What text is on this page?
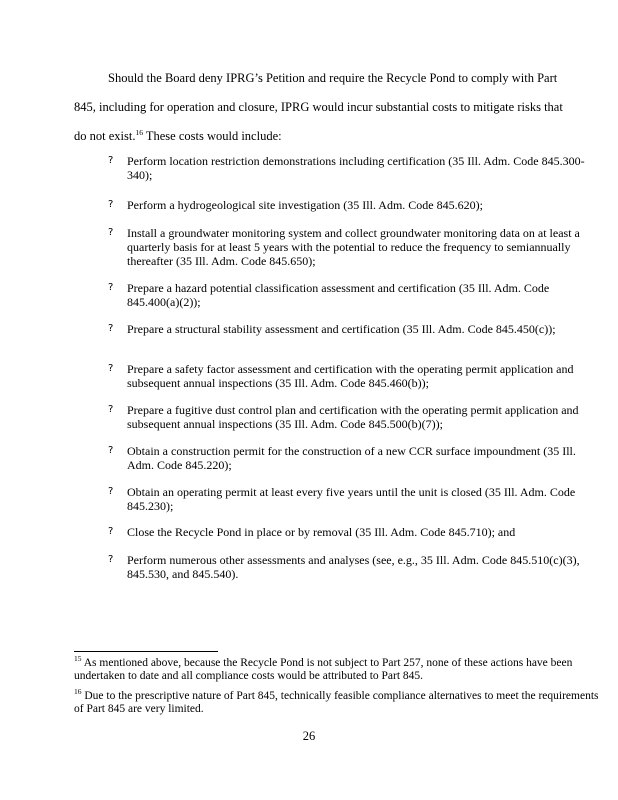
Should the Board deny IPRG’s Petition and require the Recycle Pond to comply with Part
845, including for operation and closure, IPRG would incur substantial costs to mitigate risks that
do not exist.$^{16}$ These costs would include:
?	Perform location restriction demonstrations including certification (35 Ill. Adm. Code 845.300-340);
?	Perform a hydrogeological site investigation (35 Ill. Adm. Code 845.620);
?	Install a groundwater monitoring system and collect groundwater monitoring data on at least a quarterly basis for at least 5 years with the potential to reduce the frequency to semiannually thereafter (35 Ill. Adm. Code 845.650);
?	Prepare a hazard potential classification assessment and certification (35 Ill. Adm. Code 845.400(a)(2));
?	Prepare a structural stability assessment and certification (35 Ill. Adm. Code 845.450(c));
?	Prepare a safety factor assessment and certification with the operating permit application and subsequent annual inspections (35 Ill. Adm. Code 845.460(b));
?	Prepare a fugitive dust control plan and certification with the operating permit application and subsequent annual inspections (35 Ill. Adm. Code 845.500(b)(7));
?	Obtain a construction permit for the construction of a new CCR surface impoundment (35 Ill. Adm. Code 845.220);
?	Obtain an operating permit at least every five years until the unit is closed (35 Ill. Adm. Code 845.230);
?	Close the Recycle Pond in place or by removal (35 Ill. Adm. Code 845.710); and
?	Perform numerous other assessments and analyses (see, e.g., 35 Ill. Adm. Code 845.510(c)(3), 845.530, and 845.540).
$^{15}$ As mentioned above, because the Recycle Pond is not subject to Part 257, none of these actions have been undertaken to date and all compliance costs would be attributed to Part 845.
$^{16}$ Due to the prescriptive nature of Part 845, technically feasible compliance alternatives to meet the requirements of Part 845 are very limited.
26
